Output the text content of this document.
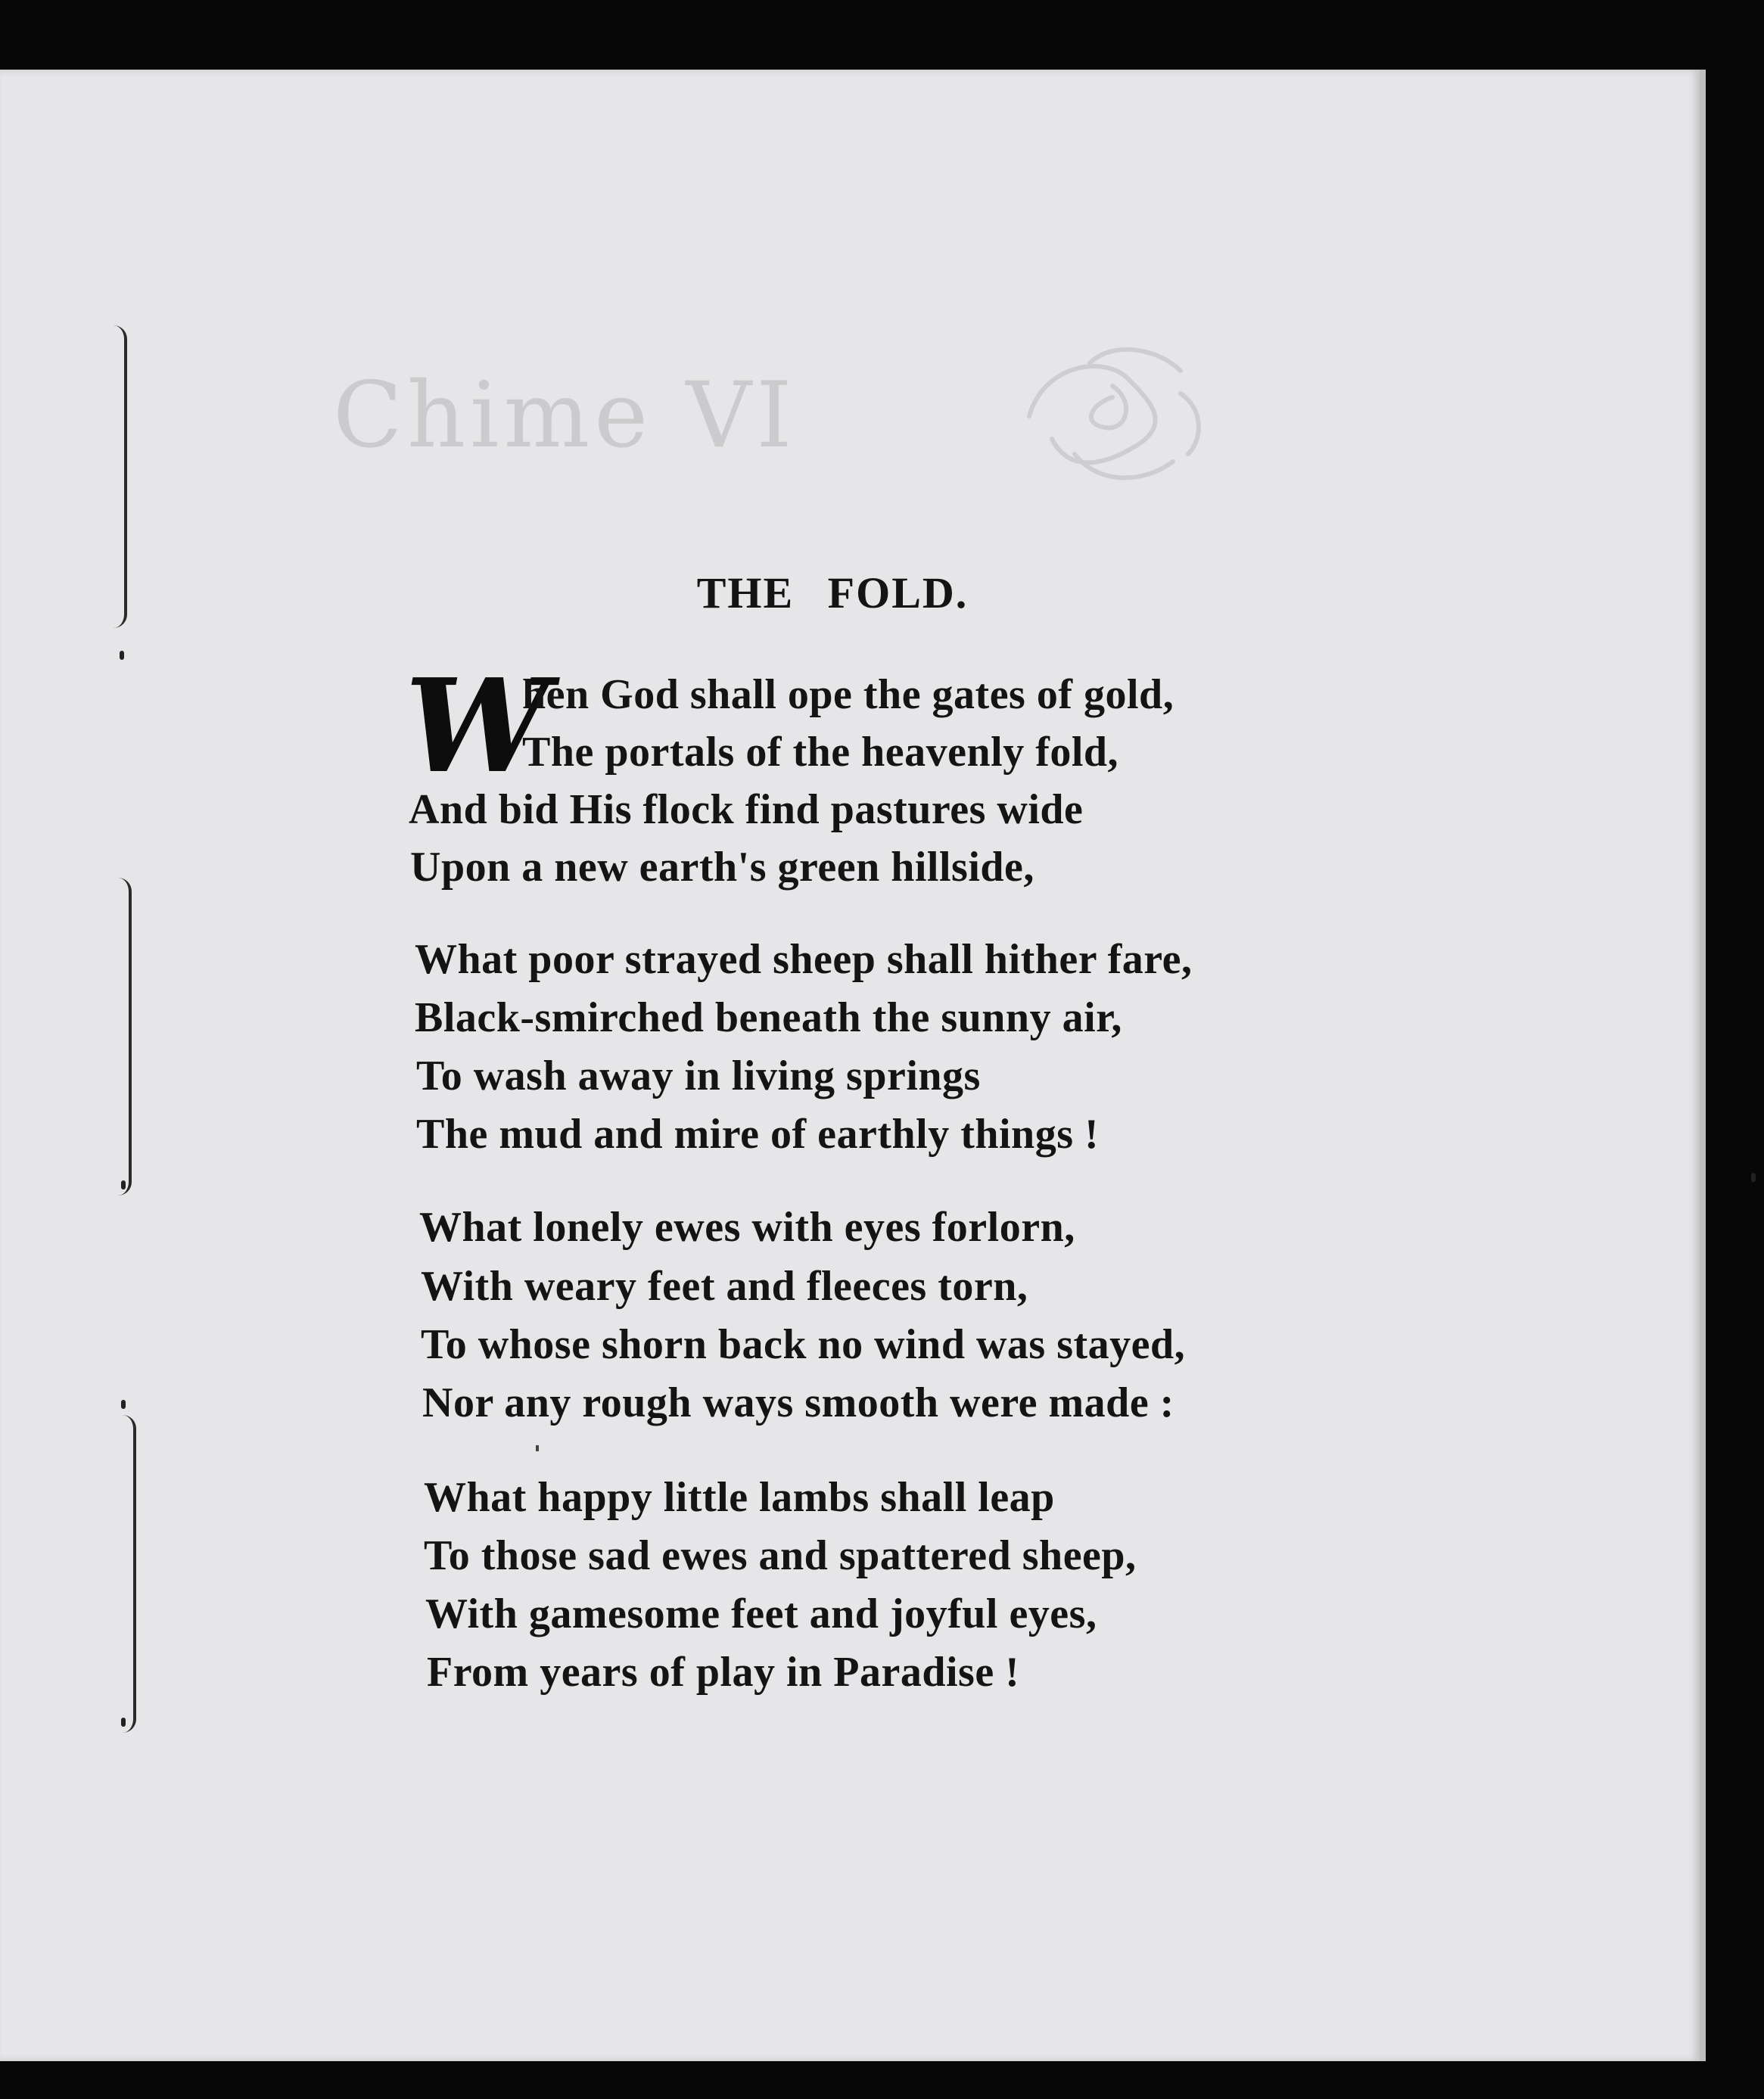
Chime VI
THE FOLD.
W
hen God shall ope the gates of gold,
The portals of the heavenly fold,
And bid His flock find pastures wide
Upon a new earth's green hillside,
What poor strayed sheep shall hither fare,
Black-smirched beneath the sunny air,
To wash away in living springs
The mud and mire of earthly things !
What lonely ewes with eyes forlorn,
With weary feet and fleeces torn,
To whose shorn back no wind was stayed,
Nor any rough ways smooth were made :
What happy little lambs shall leap
To those sad ewes and spattered sheep,
With gamesome feet and joyful eyes,
From years of play in Paradise !
